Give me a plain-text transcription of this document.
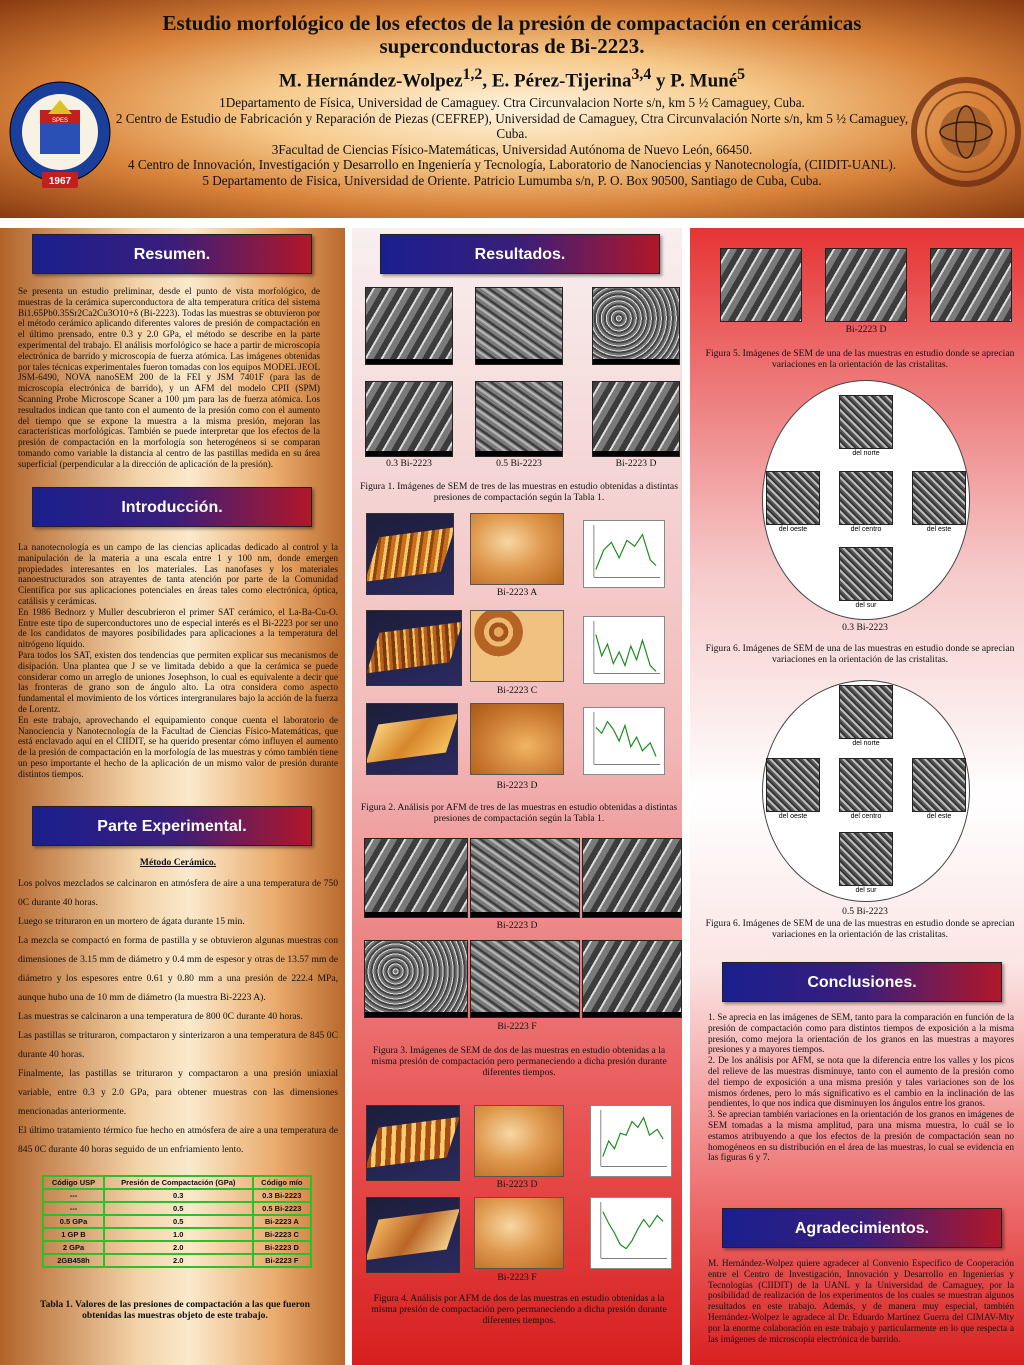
1967
SPES
Estudio morfológico de los efectos de la presión de compactación en cerámicas superconductoras de Bi-2223.
M. Hernández-Wolpez$^{1,2}$, E. Pérez-Tijerina$^{3,4}$ y P. Muné$^5$
1Departamento de Física, Universidad de Camaguey. Ctra Circunvalacion Norte s/n, km 5 ½ Camaguey, Cuba.
2 Centro de Estudio de Fabricación y Reparación de Piezas (CEFREP), Universidad de Camaguey, Ctra Circunvalación Norte s/n, km 5 ½ Camaguey, Cuba.
3Facultad de Ciencias Físico-Matemáticas, Universidad Autónoma de Nuevo León, 66450.
4 Centro de Innovación, Investigación y Desarrollo en Ingeniería y Tecnología, Laboratorio de Nanociencias y Nanotecnología, (CIIDIT-UANL).
5 Departamento de Fisica, Universidad de Oriente. Patricio Lumumba s/n, P. O. Box 90500, Santiago de Cuba, Cuba.
Resumen.
Se presenta un estudio preliminar, desde el punto de vista morfológico, de muestras de la cerámica superconductora de alta temperatura crítica del sistema Bi1.65Pb0.35Sr2Ca2Cu3O10+δ (Bi-2223). Todas las muestras se obtuvieron por el método cerámico aplicando diferentes valores de presión de compactación en el último prensado, entre 0.3 y 2.0 GPa, el método se describe en la parte experimental del trabajo. El análisis morfológico se hace a partir de microscopía electrónica de barrido y microscopía de fuerza atómica. Las imágenes obtenidas por tales técnicas experimentales fueron tomadas con los equipos MODEL JEOL JSM-6490, NOVA nanoSEM 200 de la FEI y JSM 7401F (para las de microscopía electrónica de barrido), y un AFM del modelo CPII (SPM) Scanning Probe Microscope Scaner a 100 µm para las de fuerza atómica. Los resultados indican que tanto con el aumento de la presión como con el aumento del tiempo que se expone la muestra a la misma presión, mejoran las características morfológicas. También se puede interpretar que los efectos de la presión de compactación en la morfología son heterogéneos si se comparan tomando como variable la distancia al centro de las pastillas medida en su área superficial (perpendicular a la dirección de aplicación de la presión).
Introducción.

La nanotecnología es un campo de las ciencias aplicadas dedicado al control y la manipulación de la materia a una escala entre 1 y 100 nm, donde emergen propiedades interesantes en los materiales. Las nanofases y los materiales nanoestructurados son atrayentes de tanta atención por parte de la Comunidad Científica por sus aplicaciones potenciales en áreas tales como electrónica, óptica, catálisis y cerámicas.

En 1986 Bednorz y Muller descubrieron el primer SAT cerámico, el La-Ba-Cu-O. Entre este tipo de superconductores uno de especial interés es el Bi-2223 por ser uno de los candidatos de mayores posibilidades para aplicaciones a la temperatura del nitrógeno líquido.

Para todos los SAT, existen dos tendencias que permiten explicar sus mecanismos de disipación. Una plantea que J se ve limitada debido a que la cerámica se puede considerar como un arreglo de uniones Josephson, lo cual es equivalente a decir que las fronteras de grano son de ángulo alto. La otra considera como aspecto fundamental el movimiento de los vórtices intergranulares bajo la acción de la fuerza de Lorentz.

En este trabajo, aprovechando el equipamiento conque cuenta el laboratorio de Nanociencia y Nanotecnología de la Facultad de Ciencias Físico-Matemáticas, que está enclavado aquí en el CIIDIT, se ha querido presentar cómo influyen el aumento de la presión de compactación en la morfología de las muestras y cómo también tiene un peso importante el hecho de la aplicación de un mismo valor de presión durante distintos tiempos.

Parte Experimental.
Método Cerámico.

Los polvos mezclados se calcinaron en atmósfera de aire a una temperatura de 750 0C durante 40 horas.

Luego se trituraron en un mortero de ágata durante 15 min.

La mezcla se compactó en forma de pastilla y se obtuvieron algunas muestras con dimensiones de 3.15 mm de diámetro y 0.4 mm de espesor y otras de 13.57 mm de diámetro y los espesores entre 0.61 y 0.80 mm a una presión de 222.4 MPa, aunque hubo una de 10 mm de diámetro (la muestra Bi-2223 A).

Las muestras se calcinaron a una temperatura de 800 0C durante 40 horas.

Las pastillas se trituraron, compactaron y sinterizaron a una temperatura de 845 0C durante 40 horas.

Finalmente, las pastillas se trituraron y compactaron a una presión uniaxial variable, entre 0.3 y 2.0 GPa, para obtener muestras con las dimensiones mencionadas anteriormente.

El último tratamiento térmico fue hecho en atmósfera de aire a una temperatura de 845 0C durante 40 horas seguido de un enfriamiento lento.

Código USP	Presión de Compactación (GPa)	Código mío
---	0.3	0.3 Bi-2223
---	0.5	0.5 Bi-2223
0.5 GPa	0.5	Bi-2223 A
1 GP B	1.0	Bi-2223 C
2 GPa	2.0	Bi-2223 D
2GB458h	2.0	Bi-2223 F
Tabla 1. Valores de las presiones de compactación a las que fueron obtenidas las muestras objeto de este trabajo.
Resultados.
0.3 Bi-2223	0.5 Bi-2223	Bi-2223 D
Figura 1. Imágenes de SEM de tres de las muestras en estudio obtenidas a distintas presiones de compactación según la Tabla 1.
Bi-2223 A
Bi-2223 C
Bi-2223 D
Figura 2. Análisis por AFM de tres de las muestras en estudio obtenidas a distintas presiones de compactación según la Tabla 1.
Bi-2223 D
Bi-2223 F
Figura 3. Imágenes de SEM de dos de las muestras en estudio obtenidas a la misma presión de compactación pero permaneciendo a dicha presión durante diferentes tiempos.
Bi-2223 D
Bi-2223 F
Figura 4. Análisis por AFM de dos de las muestras en estudio obtenidas a la misma presión de compactación pero permaneciendo a dicha presión durante diferentes tiempos.
Bi-2223 D
Figura 5. Imágenes de SEM de una de las muestras en estudio donde se aprecian variaciones en la orientación de las cristalitas.
del norte
del oeste	del centro	del este
del sur
0.3 Bi-2223
Figura 6. Imágenes de SEM de una de las muestras en estudio donde se aprecian variaciones en la orientación de las cristalitas.
del norte
del oeste	del centro	del este
del sur
0.5 Bi-2223
Figura 6. Imágenes de SEM de una de las muestras en estudio donde se aprecian variaciones en la orientación de las cristalitas.
Conclusiones.

1. Se aprecia en las imágenes de SEM, tanto para la comparación en función de la presión de compactación como para distintos tiempos de exposición a la misma presión, como mejora la orientación de los granos en las muestras a mayores presiones y a mayores tiempos.

2. De los análisis por AFM, se nota que la diferencia entre los valles y los picos del relieve de las muestras disminuye, tanto con el aumento de la presión como del tiempo de exposición a una misma presión y tales variaciones son de los mismos órdenes, pero lo más significativo es el cambio en la inclinación de las pendientes, lo que nos indica que disminuyen los ángulos entre los granos.

3. Se aprecian también variaciones en la orientación de los granos en imágenes de SEM tomadas a la misma amplitud, para una misma muestra, lo cuál se lo estamos atribuyendo a que los efectos de la presión de compactación sean no homogéneos en su distribución en el área de las muestras, lo cual se evidencia en las figuras 6 y 7.

Agradecimientos.
M. Hernández-Wolpez quiere agradecer al Convenio Específico de Cooperación entre el Centro de Investigación, Innovación y Desarrollo en Ingenierías y Tecnologías (CIIDIT) de la UANL y la Universidad de Camaguey, por la posibilidad de realización de los experimentos de los cuales se muestran algunos resultados en este trabajo. Además, y de manera muy especial, también Hernández-Wolpez le agradece al Dr. Eduardo Martínez Guerra del CIMAV-Mty por la enorme colaboración en este trabajo y particularmente en lo que respecta a las imágenes de microscopía electrónica de barrido.
